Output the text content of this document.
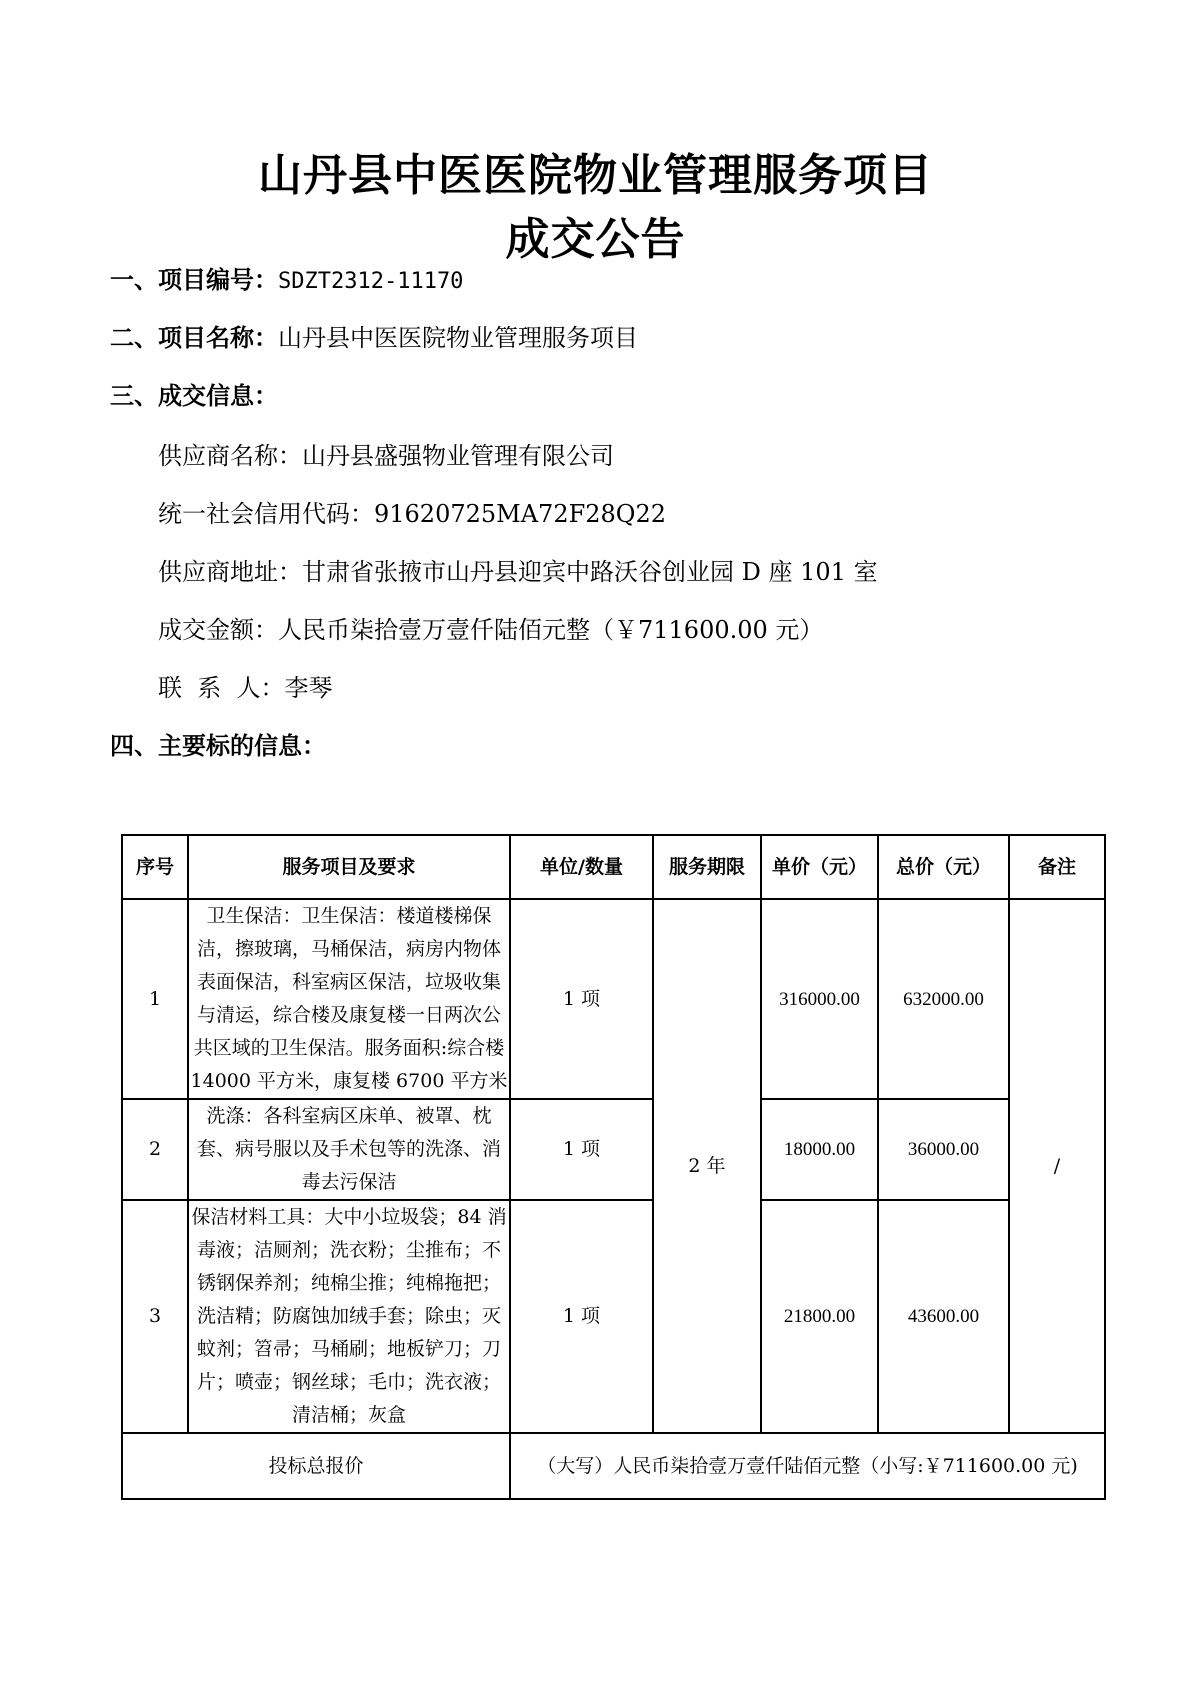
山丹县中医医院物业管理服务项目
成交公告
一、项目编号：SDZT2312-11170
二、项目名称：山丹县中医医院物业管理服务项目
三、成交信息：
供应商名称：山丹县盛强物业管理有限公司
统一社会信用代码：91620725MA72F28Q22
供应商地址：甘肃省张掖市山丹县迎宾中路沃谷创业园 D 座 101 室
成交金额：人民币柒拾壹万壹仟陆佰元整（￥711600.00 元）
联  系  人：李琴
四、主要标的信息：
序号	服务项目及要求	单位/数量	服务期限	单价（元）	总价（元）	备注
1	卫生保洁：卫生保洁：楼道楼梯保洁，擦玻璃，马桶保洁，病房内物体表面保洁，科室病区保洁，垃圾收集与清运，综合楼及康复楼一日两次公共区域的卫生保洁。服务面积:综合楼 14000 平方米，康复楼 6700 平方米	1 项	2 年	316000.00	632000.00	/
2	洗涤：各科室病区床单、被罩、枕套、病号服以及手术包等的洗涤、消毒去污保洁	1 项		18000.00	36000.00	
3	保洁材料工具：大中小垃圾袋；84 消毒液；洁厕剂；洗衣粉；尘推布；不锈钢保养剂；纯棉尘推；纯棉拖把；洗洁精；防腐蚀加绒手套；除虫；灭蚊剂；笤帚；马桶刷；地板铲刀；刀片；喷壶；钢丝球；毛巾；洗衣液；清洁桶；灰盒	1 项		21800.00	43600.00	
投标总报价		（大写）人民币柒拾壹万壹仟陆佰元整（小写:￥711600.00 元)				
